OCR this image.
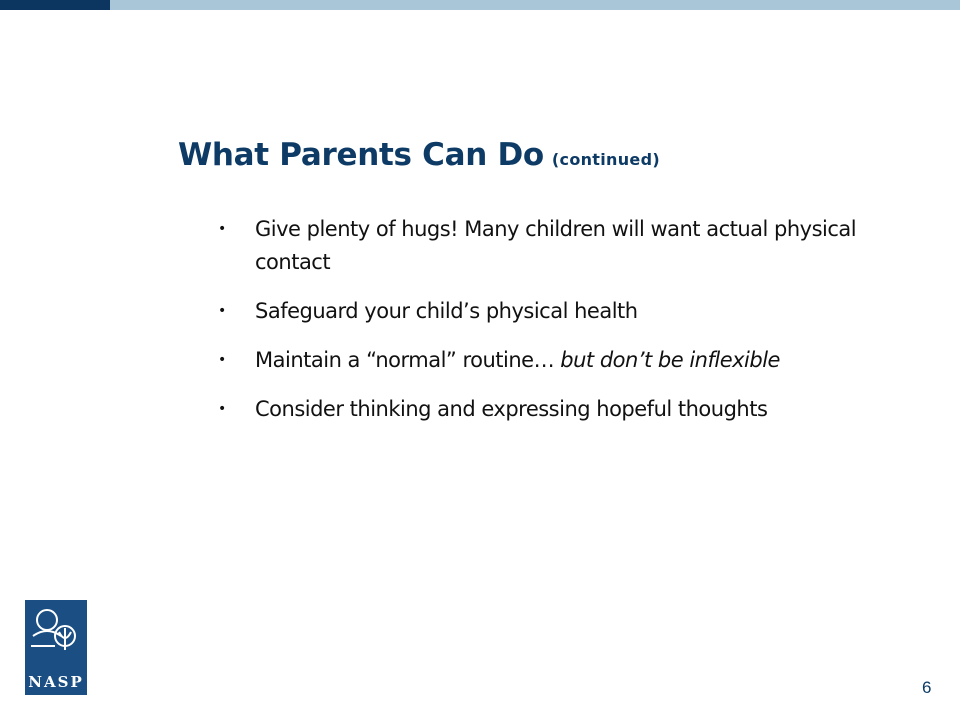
What Parents Can Do (continued)
• Give plenty of hugs! Many children will want actual physical contact
• Safeguard your child’s physical health
• Maintain a “normal” routine… but don’t be inflexible
• Consider thinking and expressing hopeful thoughts
NASP	6
